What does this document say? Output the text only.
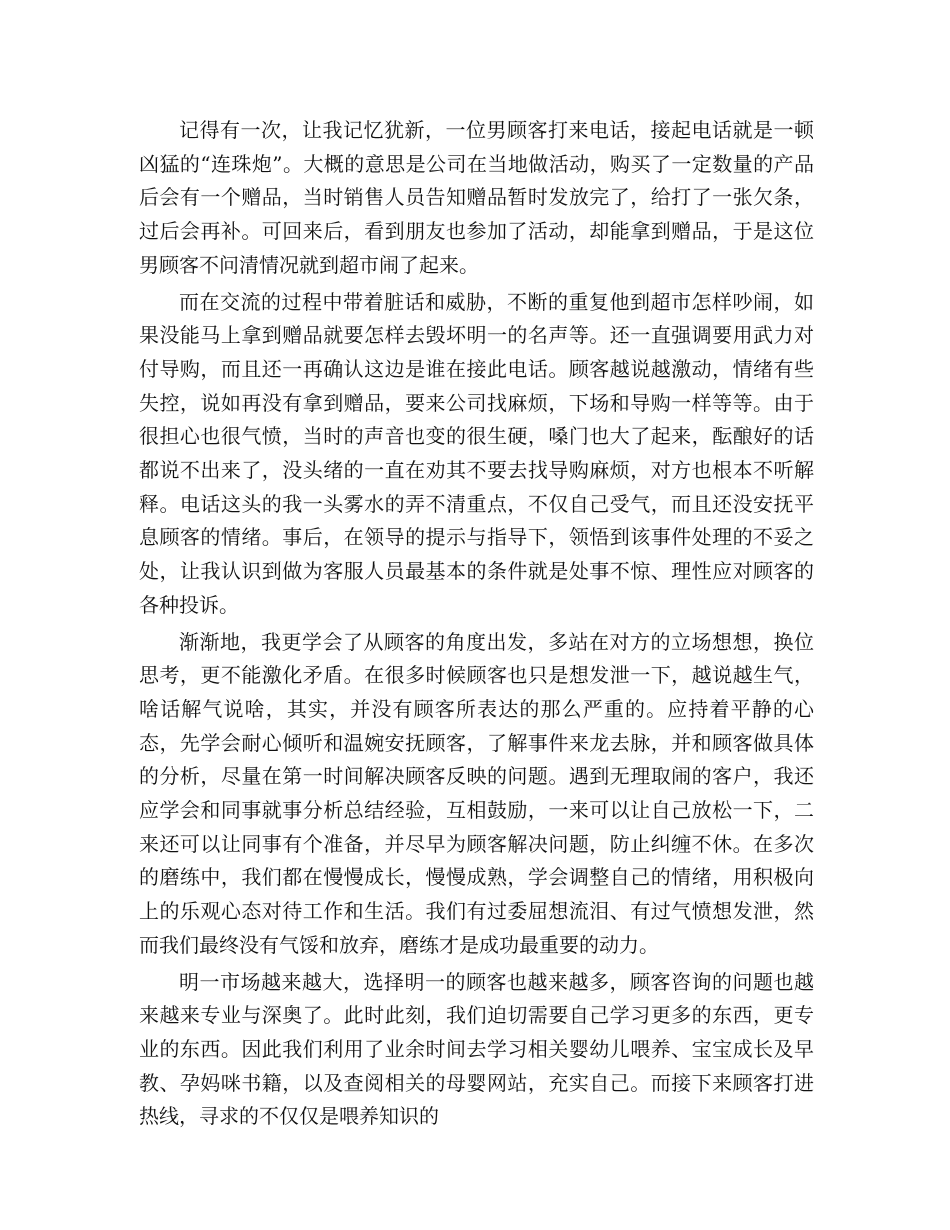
记得有一次，让我记忆犹新，一位男顾客打来电话，接起电话就是一顿凶猛的“连珠炮”。大概的意思是公司在当地做活动，购买了一定数量的产品后会有一个赠品，当时销售人员告知赠品暂时发放完了，给打了一张欠条，过后会再补。可回来后，看到朋友也参加了活动，却能拿到赠品，于是这位男顾客不问清情况就到超市闹了起来。

而在交流的过程中带着脏话和威胁，不断的重复他到超市怎样吵闹，如果没能马上拿到赠品就要怎样去毁坏明一的名声等。还一直强调要用武力对付导购，而且还一再确认这边是谁在接此电话。顾客越说越激动，情绪有些失控，说如再没有拿到赠品，要来公司找麻烦，下场和导购一样等等。由于很担心也很气愤，当时的声音也变的很生硬，嗓门也大了起来，酝酿好的话都说不出来了，没头绪的一直在劝其不要去找导购麻烦，对方也根本不听解释。电话这头的我一头雾水的弄不清重点，不仅自己受气，而且还没安抚平息顾客的情绪。事后，在领导的提示与指导下，领悟到该事件处理的不妥之处，让我认识到做为客服人员最基本的条件就是处事不惊、理性应对顾客的各种投诉。

渐渐地，我更学会了从顾客的角度出发，多站在对方的立场想想，换位思考，更不能激化矛盾。在很多时候顾客也只是想发泄一下，越说越生气，啥话解气说啥，其实，并没有顾客所表达的那么严重的。应持着平静的心态，先学会耐心倾听和温婉安抚顾客，了解事件来龙去脉，并和顾客做具体的分析，尽量在第一时间解决顾客反映的问题。遇到无理取闹的客户，我还应学会和同事就事分析总结经验，互相鼓励，一来可以让自己放松一下，二来还可以让同事有个准备，并尽早为顾客解决问题，防止纠缠不休。在多次的磨练中，我们都在慢慢成长，慢慢成熟，学会调整自己的情绪，用积极向上的乐观心态对待工作和生活。我们有过委屈想流泪、有过气愤想发泄，然而我们最终没有气馁和放弃，磨练才是成功最重要的动力。

明一市场越来越大，选择明一的顾客也越来越多，顾客咨询的问题也越来越来专业与深奥了。此时此刻，我们迫切需要自己学习更多的东西，更专业的东西。因此我们利用了业余时间去学习相关婴幼儿喂养、宝宝成长及早教、孕妈咪书籍，以及查阅相关的母婴网站，充实自己。而接下来顾客打进热线，寻求的不仅仅是喂养知识的
